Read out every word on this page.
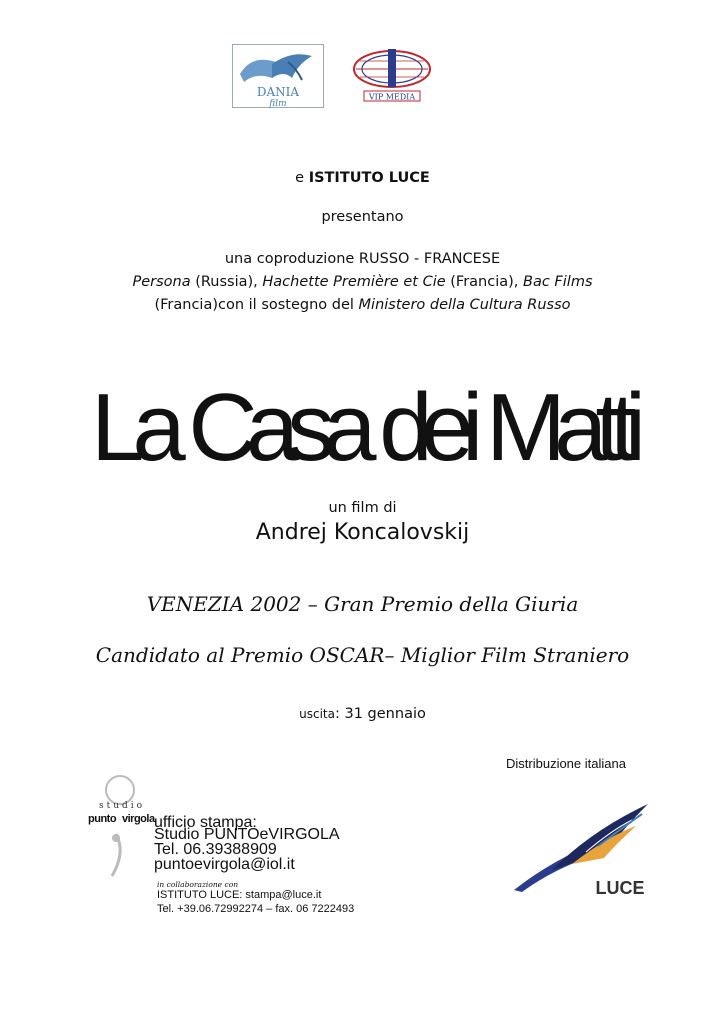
DANIA
film
VIP MEDIA
e ISTITUTO LUCE
presentano
una coproduzione RUSSO - FRANCESE
Persona (Russia), Hachette Première et Cie (Francia), Bac Films
(Francia)con il sostegno del Ministero della Cultura Russo
La Casa dei Matti
un film di
Andrej Koncalovskij
VENEZIA 2002 – Gran Premio della Giuria
Candidato al Premio OSCAR– Miglior Film Straniero
uscita: 31 gennaio
Distribuzione italiana
LUCE
studio
punto virgola ufficio stampa:
Studio PUNTOeVIRGOLA
Tel. 06.39388909
puntoevirgola@iol.it
in collaborazione con
ISTITUTO LUCE: stampa@luce.it
Tel. +39.06.72992274 – fax. 06 7222493
